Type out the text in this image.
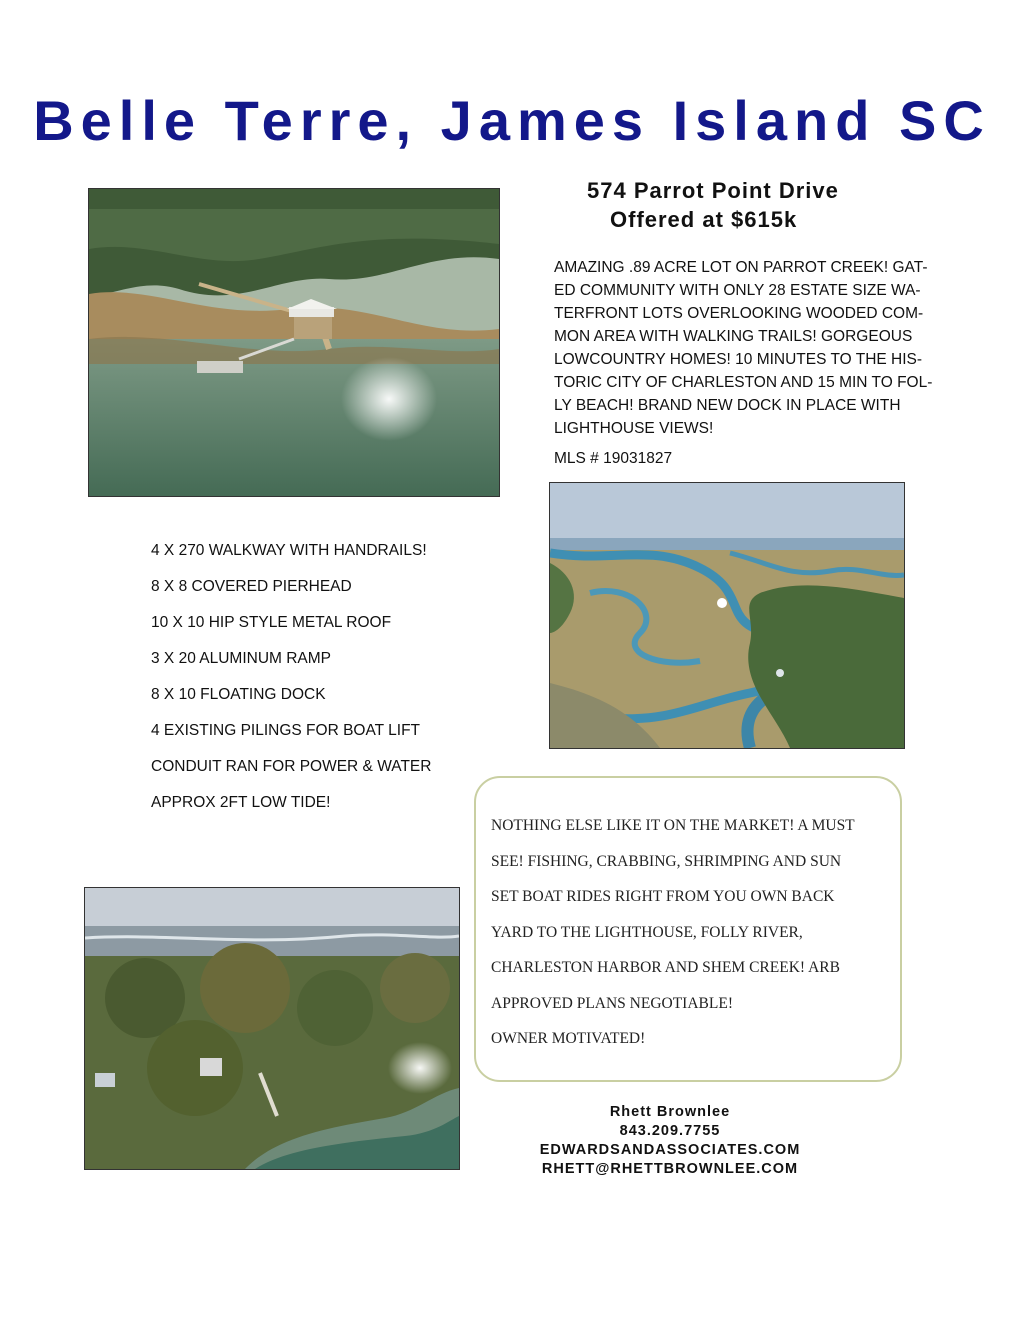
Belle Terre, James Island SC
574 Parrot Point Drive
Offered at $615k
AMAZING .89 ACRE LOT ON PARROT CREEK! GAT-ED COMMUNITY WITH ONLY 28 ESTATE SIZE WA-TERFRONT LOTS OVERLOOKING WOODED COM-MON AREA WITH WALKING TRAILS! GORGEOUS LOWCOUNTRY HOMES! 10 MINUTES TO THE HIS-TORIC CITY OF CHARLESTON AND 15 MIN TO FOL-LY BEACH! BRAND NEW DOCK IN PLACE WITH LIGHTHOUSE VIEWS!
MLS # 19031827
4 X 270 WALKWAY WITH HANDRAILS!
8 X 8 COVERED PIERHEAD
10 X 10 HIP STYLE METAL ROOF
3 X 20 ALUMINUM RAMP
8 X 10 FLOATING DOCK
4 EXISTING PILINGS FOR BOAT LIFT
CONDUIT RAN FOR POWER & WATER
APPROX 2FT LOW TIDE!
NOTHING ELSE LIKE IT ON THE MARKET! A MUST
SEE! FISHING, CRABBING, SHRIMPING AND SUN
SET BOAT RIDES RIGHT FROM YOU OWN BACK
YARD TO THE LIGHTHOUSE, FOLLY RIVER,
CHARLESTON HARBOR AND SHEM CREEK! ARB
APPROVED PLANS NEGOTIABLE!
OWNER MOTIVATED!
Rhett Brownlee
843.209.7755
EDWARDSANDASSOCIATES.COM
RHETT@RHETTBROWNLEE.COM
